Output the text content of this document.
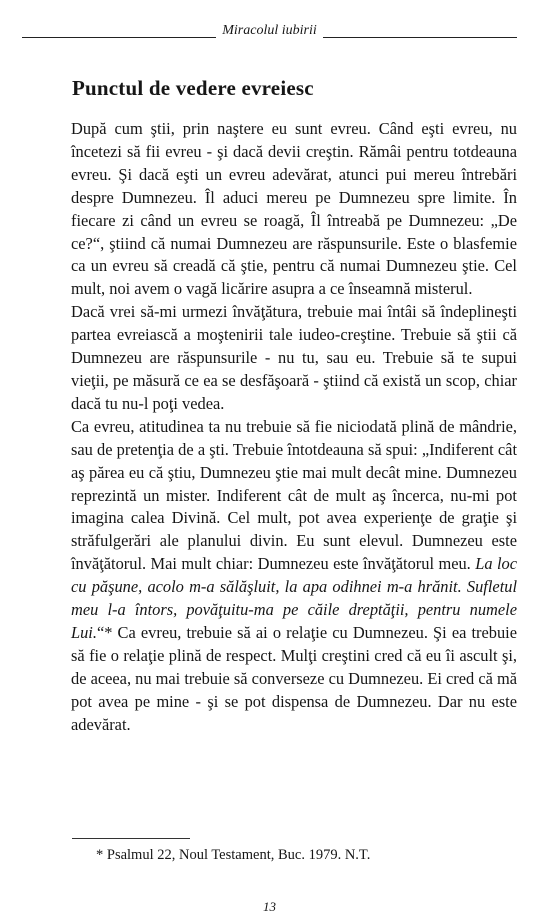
Miracolul iubirii
Punctul de vedere evreiesc

După cum ştii, prin naştere eu sunt evreu. Când eşti evreu, nu încetezi să fii evreu - şi dacă devii creştin. Rămâi pentru totdeauna evreu. Şi dacă eşti un evreu adevărat, atunci pui mereu întrebări despre Dumnezeu. Îl aduci mereu pe Dumnezeu spre limite. În fiecare zi când un evreu se roagă, Îl întreabă pe Dumnezeu: „De ce?“, ştiind că numai Dumnezeu are răspunsurile. Este o blasfemie ca un evreu să creadă că ştie, pentru că numai Dumnezeu ştie. Cel mult, noi avem o vagă licărire asupra a ce înseamnă misterul.

Dacă vrei să-mi urmezi învăţătura, trebuie mai întâi să îndeplineşti partea evreiască a moştenirii tale iudeo-creştine. Trebuie să ştii că Dumnezeu are răspunsurile - nu tu, sau eu. Trebuie să te supui vieţii, pe măsură ce ea se desfăşoară - ştiind că există un scop, chiar dacă tu nu-l poţi vedea.

Ca evreu, atitudinea ta nu trebuie să fie niciodată plină de mândrie, sau de pretenţia de a şti. Trebuie întotdeauna să spui: „Indiferent cât aş părea eu că ştiu, Dumnezeu ştie mai mult decât mine. Dumnezeu reprezintă un mister. Indiferent cât de mult aş încerca, nu-mi pot imagina calea Divină. Cel mult, pot avea experienţe de graţie şi străfulgerări ale planului divin. Eu sunt elevul. Dumnezeu este învăţătorul. Mai mult chiar: Dumnezeu este învăţătorul meu. La loc cu păşune, acolo m-a sălăşluit, la apa odihnei m-a hrănit. Sufletul meu l-a întors, povăţuitu-ma pe căile dreptăţii, pentru numele Lui.“* Ca evreu, trebuie să ai o relaţie cu Dumnezeu. Şi ea trebuie să fie o relaţie plină de respect. Mulţi creştini cred că eu îi ascult şi, de aceea, nu mai trebuie să converseze cu Dumnezeu. Ei cred că mă pot avea pe mine - şi se pot dispensa de Dumnezeu. Dar nu este adevărat.

* Psalmul 22, Noul Testament, Buc. 1979. N.T.
13
